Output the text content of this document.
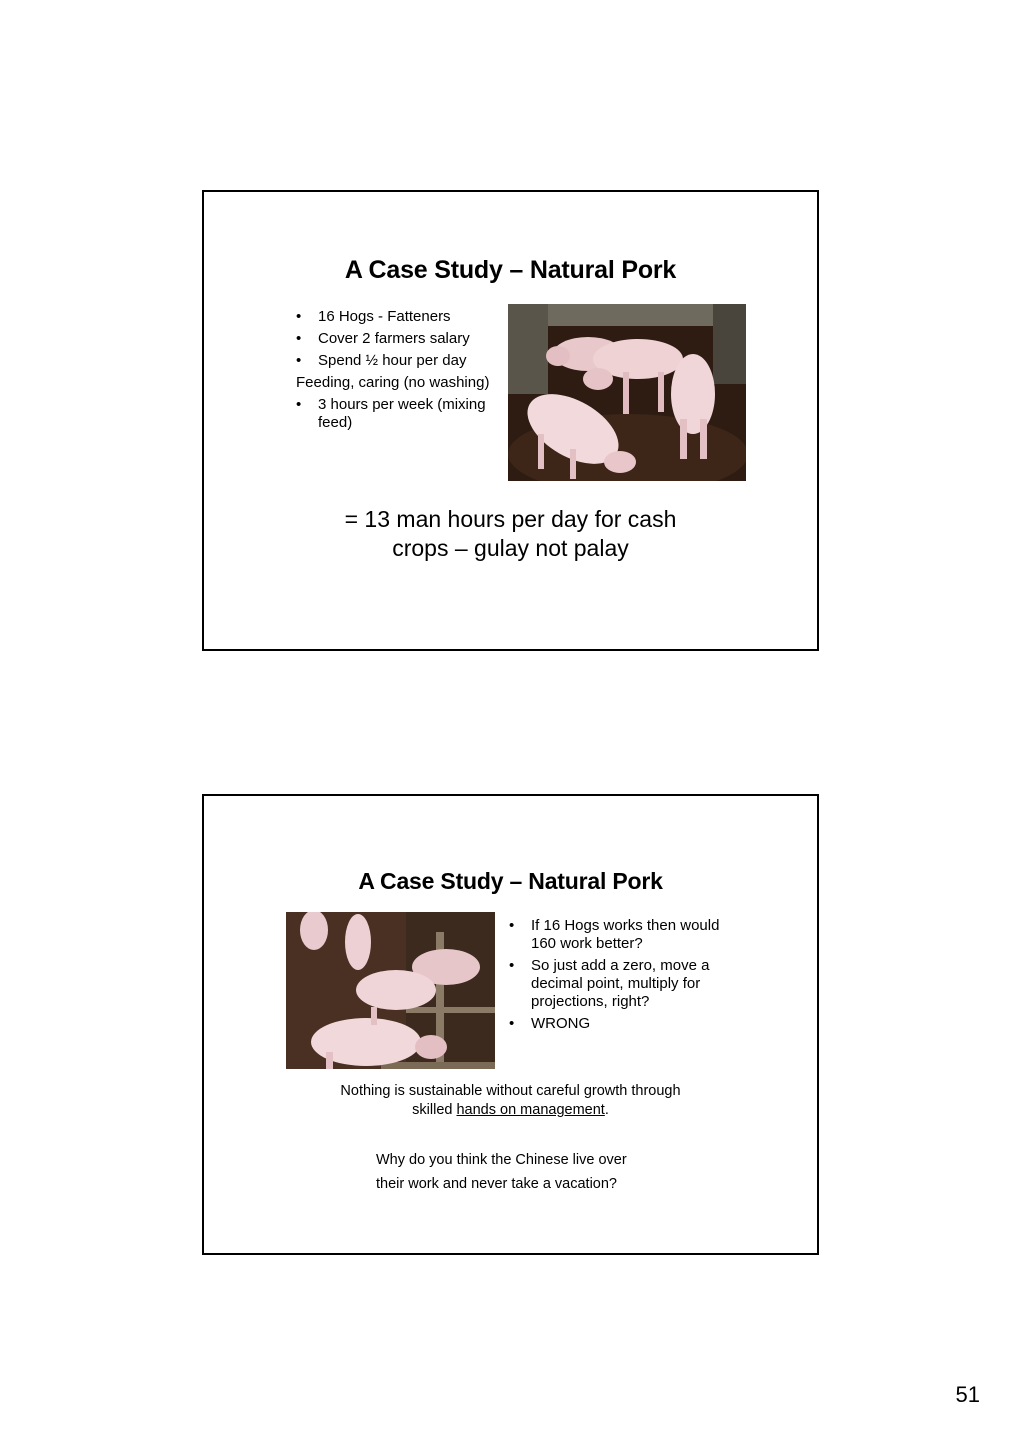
A Case Study – Natural Pork
• 16 Hogs - Fatteners
• Cover 2 farmers salary
• Spend ½ hour per day
Feeding, caring (no washing)
• 3 hours per week (mixing feed)
= 13 man hours per day for cash
crops – gulay not palay
A Case Study – Natural Pork
• If 16 Hogs works then would 160 work better?
• So just add a zero, move a decimal point, multiply for projections, right?
• WRONG
Nothing is sustainable without careful growth through
skilled hands on management.
Why do you think the Chinese live over
their work and never take a vacation?
51
